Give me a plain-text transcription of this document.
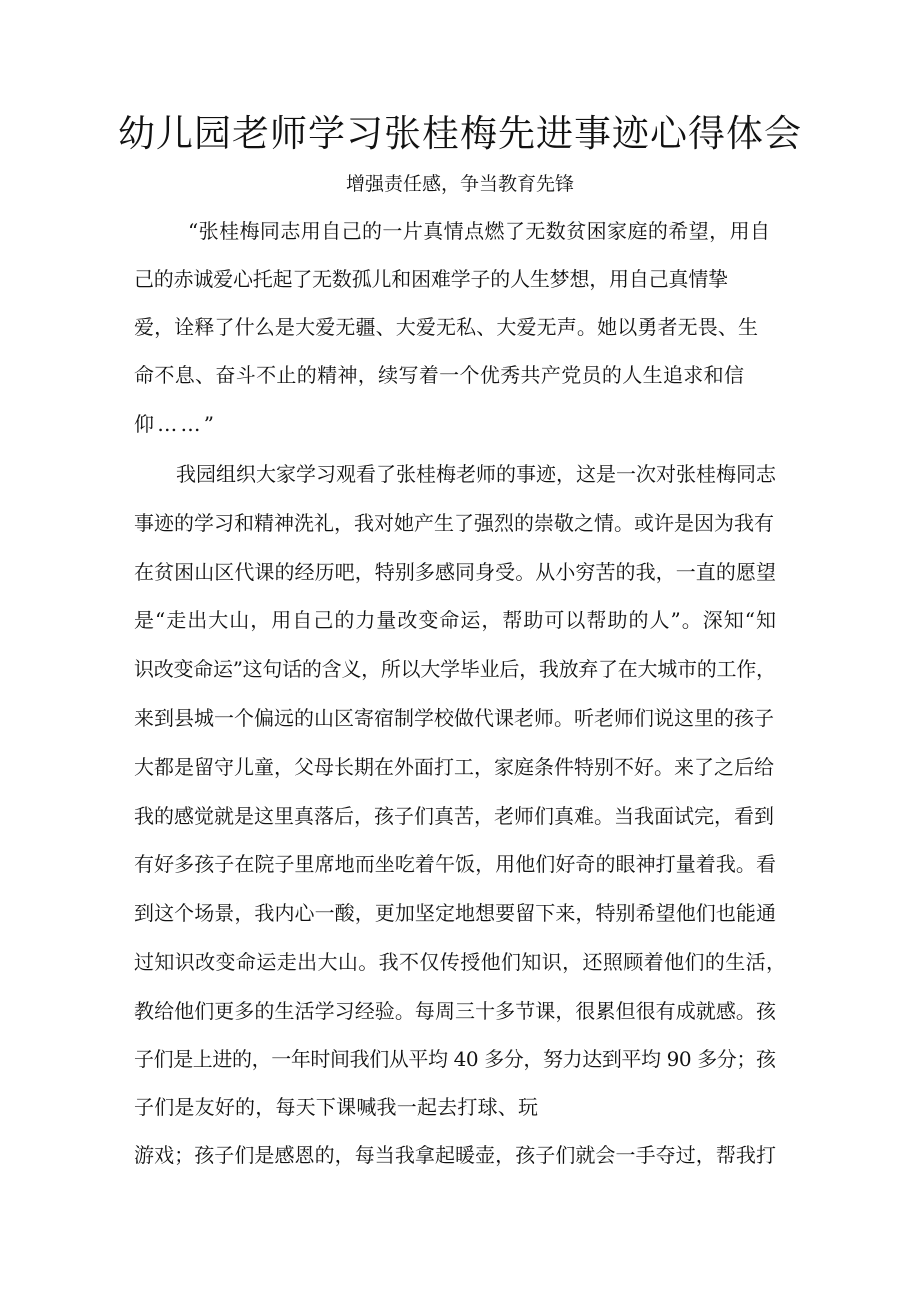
幼儿园老师学习张桂梅先进事迹心得体会
增强责任感，争当教育先锋
“张桂梅同志用自己的一片真情点燃了无数贫困家庭的希望，用自
己的赤诚爱心托起了无数孤儿和困难学子的人生梦想，用自己真情挚
爱，诠释了什么是大爱无疆、大爱无私、大爱无声。她以勇者无畏、生
命不息、奋斗不止的精神，续写着一个优秀共产党员的人生追求和信
仰……”
我园组织大家学习观看了张桂梅老师的事迹，这是一次对张桂梅同志
事迹的学习和精神洗礼，我对她产生了强烈的崇敬之情。或许是因为我有
在贫困山区代课的经历吧，特别多感同身受。从小穷苦的我，一直的愿望
是“走出大山，用自己的力量改变命运，帮助可以帮助的人”。深知“知
识改变命运”这句话的含义，所以大学毕业后，我放弃了在大城市的工作，
来到县城一个偏远的山区寄宿制学校做代课老师。听老师们说这里的孩子
大都是留守儿童，父母长期在外面打工，家庭条件特别不好。来了之后给
我的感觉就是这里真落后，孩子们真苦，老师们真难。当我面试完，看到
有好多孩子在院子里席地而坐吃着午饭，用他们好奇的眼神打量着我。看
到这个场景，我内心一酸，更加坚定地想要留下来，特别希望他们也能通
过知识改变命运走出大山。我不仅传授他们知识，还照顾着他们的生活，
教给他们更多的生活学习经验。每周三十多节课，很累但很有成就感。孩
子们是上进的，一年时间我们从平均 40 多分，努力达到平均 90 多分；孩
子们是友好的，每天下课喊我一起去打球、玩
游戏；孩子们是感恩的，每当我拿起暖壶，孩子们就会一手夺过，帮我打
